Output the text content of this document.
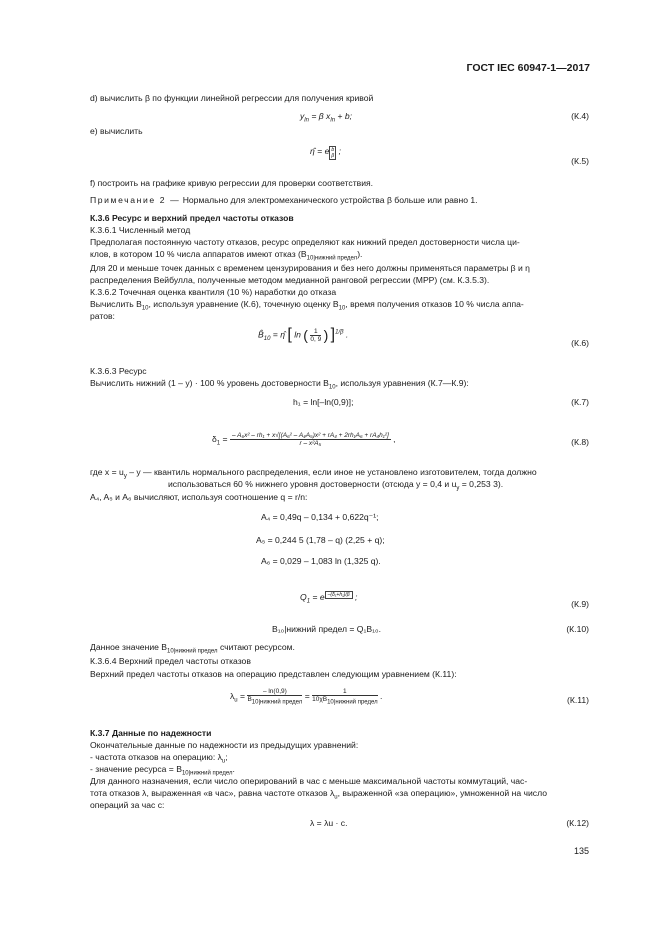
ГОСТ IEC 60947-1—2017
d) вычислить β по функции линейной регрессии для получения кривой
$y_{ln} = \beta$ $x_{ln} + b$;	(К.4)
e) вычислить
η̂ = e $^{b \beta}$ ;
(К.5)
f) построить на графике кривую регрессии для проверки соответствия.
Примечание 2 — Нормально для электромеханического устройства β больше или равно 1.
К.3.6 Ресурс и верхний предел частоты отказов
К.3.6.1 Численный метод
Предполагая постоянную частоту отказов, ресурс определяют как нижний предел достоверности числа ци-
клов, в котором 10 % числа аппаратов имеют отказ $(B_{10|нижний предел})$.
Для 20 и меньше точек данных с временем цензурирования и без него должны применяться параметры β и η
распределения Вейбулла, полученные методом медианной ранговой регрессии (MPP) (см. К.3.5.3).
К.3.6.2 Точечная оценка квантиля (10 %) наработки до отказа
Вычислить $B_{10}$, используя уравнение (К.6), точечную оценку $B_{10}$, время получения отказов 10 % числа аппа-
ратов:
$B̂_{10}$ = η̂ [ ln ( $\frac{1}{0, 9}$ ) ]$^{1/\beta}$ .
(К.6)
К.3.6.3 Ресурс
Вычислить нижний (1 – y) · 100 % уровень достоверности $B_{10}$, используя уравнения (К.7—К.9):
h₁ = ln[–ln(0,9)];	(К.7)
$\delta_1 = \frac{\text{– A₆x² – rh₁ + x√[(A₆² – A₄A₅)x² + rA₄ + 2rh₁A₆ + rA₄h₁²]}}{\text{r – x²A₅}}$ ,	(К.8)
где $x = u_y - y$ — квантиль нормального распределения, если иное не установлено изготовителем, тогда должно
использоваться 60 % нижнего уровня достоверности (отсюда y = 0,4 и $u_y = 0,253$ 3).
A₄, A₅ и A₆ вычисляют, используя соотношение q = r/n:
A₄ = 0,49q – 0,134 + 0,622q⁻¹;
A₅ = 0,244 5 (1,78 – q) (2,25 + q);
A₆ = 0,029 – 1,083 ln (1,325 q).
$Q_1 = e$ $^{-(\delta_1+h_1)/\beta}$ ;
(К.9)
B₁₀|нижний предел = Q₁B₁₀.	(К.10)
Данное значение $B_{10|нижний предел}$ считают ресурсом.
К.3.6.4 Верхний предел частоты отказов
Верхний предел частоты отказов на операцию представлен следующим уравнением (К.11):
$\lambda_u = \frac{- \ln(0,9)}{B_{10|нижний предел}} = \frac{1}{10\chi B_{10|нижний предел}}$ .	(К.11)
К.3.7 Данные по надежности
Окончательные данные по надежности из предыдущих уравнений:
- частота отказов на операцию: $\lambda_u$;
- значение ресурса = $B_{10|нижний предел}$.
Для данного назначения, если число оперирований в час c меньше максимальной частоты коммутаций, час-
тота отказов λ, выраженная «в час», равна частоте отказов $\lambda_u$, выраженной «за операцию», умноженной на число
операций за час c:
λ = λu · c.	(К.12)
135
